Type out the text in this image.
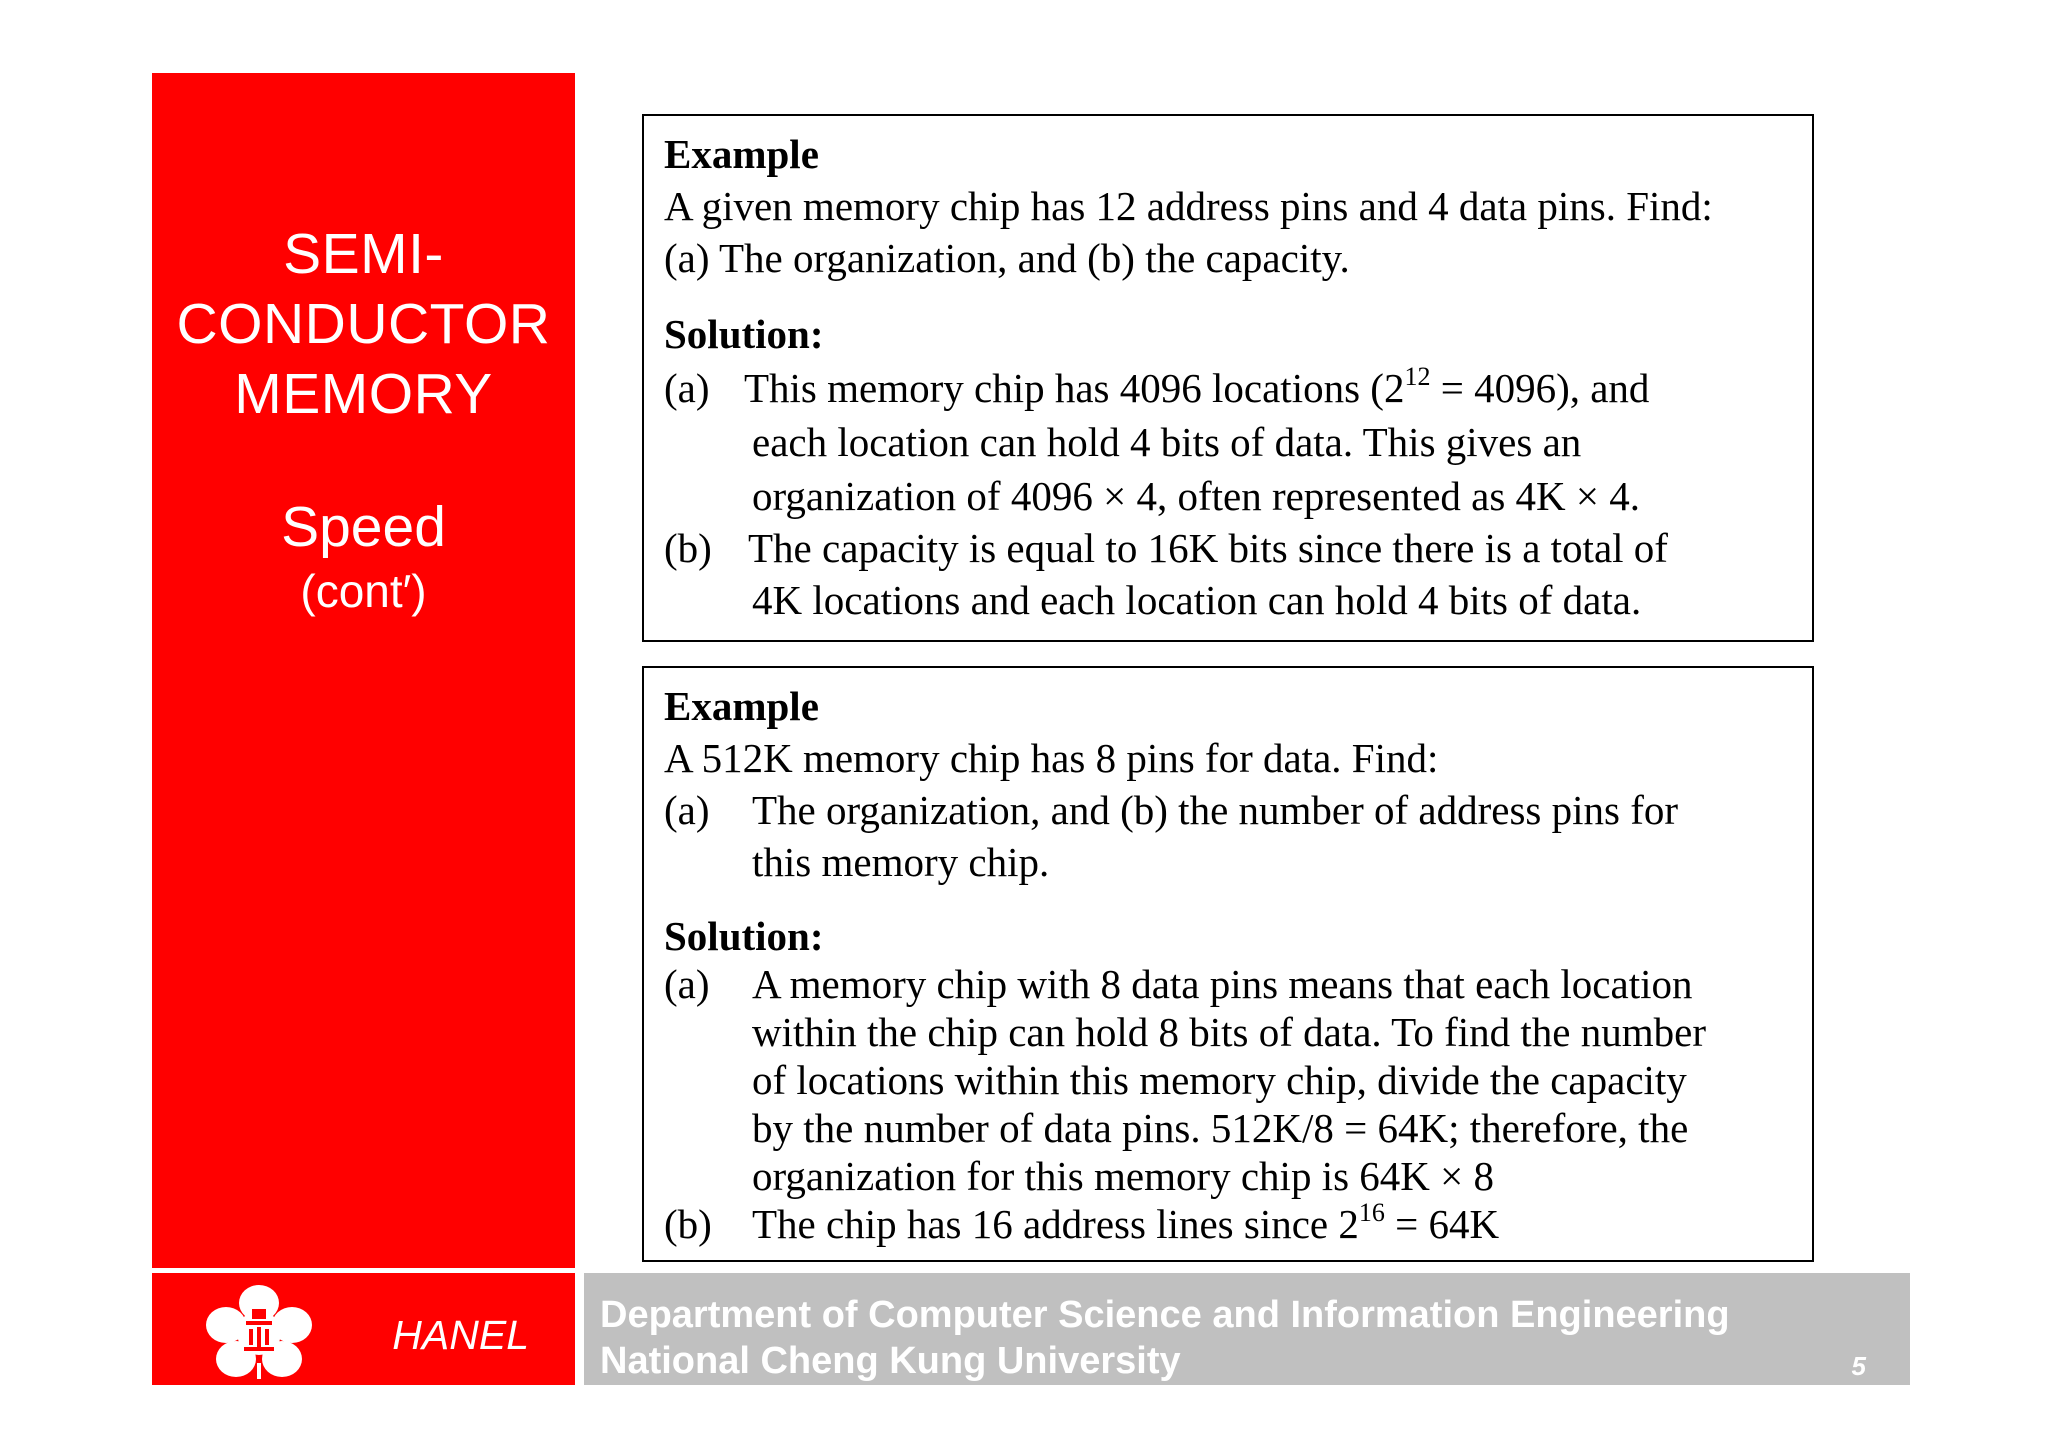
SEMI-
CONDUCTOR
MEMORY
Speed
(cont′)
Example
A given memory chip has 12 address pins and 4 data pins. Find:
(a) The organization, and (b) the capacity.
Solution:
(a) This memory chip has 4096 locations $(2^{12} = 4096)$, and
each location can hold 4 bits of data. This gives an
organization of 4096 × 4, often represented as 4K × 4.
(b) The capacity is equal to 16K bits since there is a total of
4K locations and each location can hold 4 bits of data.
Example
A 512K memory chip has 8 pins for data. Find:
(a) The organization, and (b) the number of address pins for
this memory chip.
Solution:
(a) A memory chip with 8 data pins means that each location
within the chip can hold 8 bits of data. To find the number
of locations within this memory chip, divide the capacity
by the number of data pins. 512K/8 = 64K; therefore, the
organization for this memory chip is 64K × 8
(b) The chip has 16 address lines since $2^{16} = 64K$
HANEL Department of Computer Science and Information Engineering
National Cheng Kung University	5
